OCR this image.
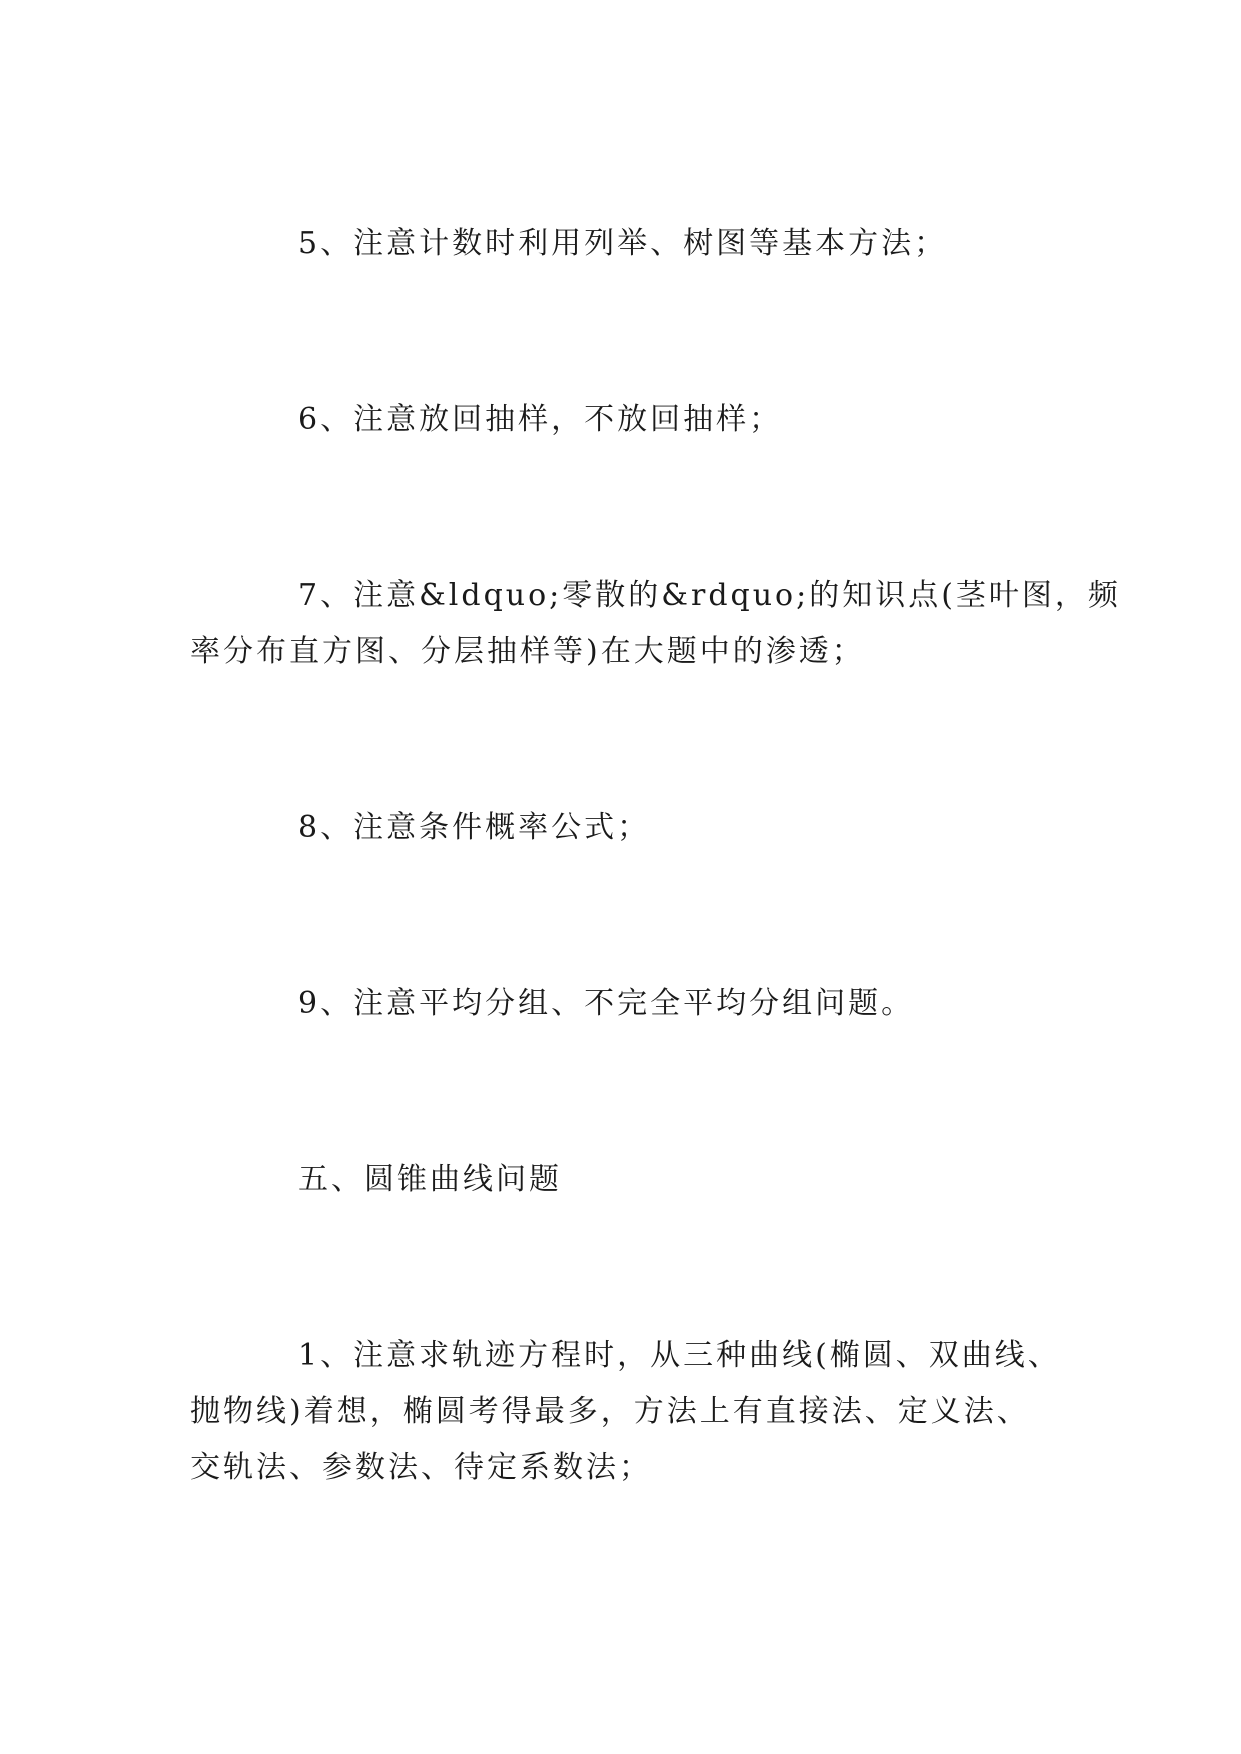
5、注意计数时利用列举、树图等基本方法；
6、注意放回抽样，不放回抽样；
7、注意&ldquo;零散的&rdquo;的知识点(茎叶图，频
率分布直方图、分层抽样等)在大题中的渗透；
8、注意条件概率公式；
9、注意平均分组、不完全平均分组问题。
五、圆锥曲线问题
1、注意求轨迹方程时，从三种曲线(椭圆、双曲线、
抛物线)着想，椭圆考得最多，方法上有直接法、定义法、
交轨法、参数法、待定系数法；
